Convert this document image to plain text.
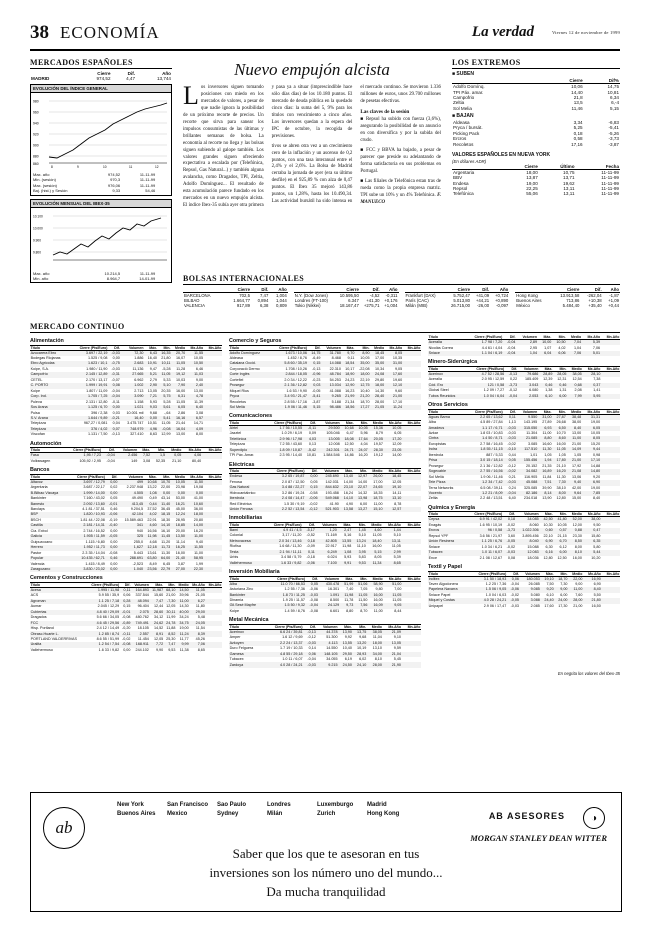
38 ECONOMÍA	La verdad	Viernes 12 de noviembre de 1999
MERCADOS ESPAÑOLES
	Cierre	Dif.	Año
MADRID	974,52	4,47	13,744
EVOLUCIÓN DEL ÍNDICE GENERAL
980
960
940
920
900
880
860
8	9	10	11	12
Max. año	974,52	11-11-99
Min. (sesión)	970,3	11-11-99
Max. (sesión)	976,06	11-11-99
Baj. (hist.) y Sesión	9,33	54,46
EVOLUCIÓN MENSUAL DEL IBEX-35
10.100
10.000
9.900
9.800
Max. año	10.214,5	11-11-99
Min. año	8.964,7	14-01-99
Nuevo empujón alcista

Los inversores siguen tomando posiciones con miedo en los mercados de valores, a pesar de que nadie ignora la posibilidad de un próximo recorte de precios. Un recorte que sirva para sanear los impulsos consumistas de las últimas y brillantes semanas de bolsa. La economía al recorte no llega y las bolsas siguen subiendo al galope también. Los valores grandes siguen ofreciendo expectativa a escalada por (Telefónica, Repsol, Gas Natural...) y también alguna avalancha, como Dragados, TPI, Zeltia, Adolfo Domínguez... El resultado de esta acumulación parece fundado en los mercados en un nuevo empujón alcista. El índice Ibex-35 subía ayer otra primera y pasa ya a situar (imprescindible hace sólo días días) de los 10.180 puntos. El mercado de deuda pública en la quedado cinco días: la suma del 5, 9% para los títulos con vencimiento a cinco años. Los inversores quedan a la espera del IPC de octubre, la recogida de previsiones.

tivos se abren otra vez a un crecimiento cero de la inflación y un ascenso de 0,2 puntos, con una tasa interanual entre el 2,4% y el 2,6%. La Bolsa de Madrid cerraba la jornada de ayer (era su último desfile) en el 925,89 % con alza de 0,47 puntos. El Ibex 35 mejoró 143,86 puntos, un 1,28%, hasta los 10.490,34. Las actividad bursátil ha sido intensa en el mercado continuo. Se movieron 1.336 millones de euros, unos 29.700 millones de pesetas efectivas.

Las claves de la sesión

■ Repsol ha subido con fuerza (3,6%), asegurando la posibilidad de un anuncio en con diversifica y por la subida del crudo.

■ FCC y BBVA ha bajado, a pesar de parecer que preside su adelantando de forma satisfactoria en sus problemas en Portugal.

■ Las filiales de Telefónica estan tras de rueda como la propia empresa matriz. TPI sube un 10% y un 4% Telefónica. F. MANUECO

LOS EXTREMOS
■ SUBEN
	Cierre	Dif%
Adolfo Domínq.	10,06	14,75
TPI Páx. amar.	14,40	10,81
Campofrio	21,8	6,34
Zeltia	13,5	6,-4
Sol Melia	11,46	5,15
■ BAJAN
Aldeasa	3,34	-6,83
Pryca / bursát.	5,25	-5,41
Picking Pack	0,18	-5,26
Ercros	0,58	-3,73
Recoletos	17,16	-3,87
VALORES ESPAÑOLES EN NUEVA YORK
(En dólares ADR)
	Cierre	Último	Fecha
Argentaria	18,00	10,75	11-11-99
BBV	13,87	13,71	11-11-99
Endesa	19,00	19,62	11-11-99
Repsol	22,25	13,11	11-11-99
Telefónica	55,06	13,11	11-11-99
BOLSAS INTERNACIONALES
	Cierre	Dif.	Año
BARCELONA	702,5	7,47	1,004
BILBAO	1.664,77	0,894	1,044
VALENCIA	917,89	6,38	0,809
	Cierre	Dif.	Año
N.Y. (Dow Jones)	10.595,50	-4,52	-0,311
Londres (FT-100)	6.347	+41,30	+0,176
Tokio (Nikkei)	18.167,47	+275,71	+1,004
	Cierre	Dif.	Año
Frankfurt (DAX)	5.752,47	+41,09	+0,724
París (CAC)	5.013,80	+44,21	+0,890
Milán (MIB)	26.715,00	-26,00	-0,097
	Cierre	Dif.	Año
Hong Kong	13.913,58	-262,04	-1,87
Buenos Aires	713,86	+10,38	+1,09
México	5.484,40	+35,40	+0,44
MERCADO CONTINUO
Alimentación
Titulo	Cierre (Pts/Euro)	Dif.	Volumen	Máx.	Mín.	Medio	Mx.Año	Mn.Año
Azucarera Ebro	3.697 / 22,19	-0,03	72,30	6,43	16,35	20,70	11,55	
Bodegas Riojanas	1.525 / 9,08	0,00	1.886	16,40	21,80	16,07	10,05	
Ebro Agrícolas	1.623 / 10,1	-0,75	2.683	10,91	10,11	11,05	10,50	
Koipe, S.A.	1.980 / 11,90	-0,03	11,136	9,47	-5,28	11,28	6,46	
Campofrío	2.145 / 12,89	-0,31	27.665	5,21	11,05	19,12	11,03	
CETEL	2.170 / 13,17	-0,07	6.962	2,79	5,33	10,03	9,00	
C. PORTO	1.999 / 19,91	0,08	1.002	2,90	5,10	7,90	2,40	
Koipe	1.807 / 11,09	-0,04	2.713	13,05	20,35	16,00	13,00	
Corp. Ind.	1.705 / 7,25	-0,04	3.090	7,21	5,75	6,31	4,78	
Puleva	2.131 / 12,80	-0,11	1.158	5,93	5,28	11,05	11,39	
Sos Arana	1.125 / 6,70	0,00	1.021	9,03	5,61	6,05	6,40	
Pulsa	396 / 2,38	0,03	10.001 mil	9,68	-,64	2,86	3,08	
S.V. Arana	1.644 / 9,89	-0,21	16,40	0,00	5,41	16,16	6,57	
Telepizza	967,27 / 0,081	0,04	3.475.747	10,51	11,05	21,44	14,71	
Telepizza	376 / 4,02	0,07	748.979	4,96	-0,08	16,04	4,09	
Víscofan	1.131 / 7,50	-0,13	327.410	8,63	12,99	13,00	8,00	
Automoción
Titulo	Cierre (Pts/Euro)	Dif.	Volumen	Máx.	Mín.	Medio	Mx.Año	Mn.Año
Fasa	1,95 / 7,23	-0,04	2.456	7,52	1,5	0,05	4,06	
Volkswagen	105,92 / 2,95	-0,04	149	3,08	52,35	21,10	80,40	
Bancos
Titulo	Cierre (Pts/Euro)	Dif.	Volumen	Máx.	Mín.	Medio	Mx.Año	Mn.Año
Altavoz	3.697 / 12,79	0,00	499	10,68	10,70	10,05	11,50	
Argentaria	3.687 / 22,17	0,02	2.237.948	13,22	22,00	23,98	19,08	
B.Bilbao Vizcaya	1.999 / 14,00	0,00	4.505	1,08	0,00	0,00	0,00	
Bankinter	7.160 / 43,02	0,05	49.490	0,49	43,14	53,00	41,00	
Banesto	2.092 / 13,60	-0,01	413,45	0,44	11,40	16,21	10,60	
Barclays	4.1 81 / 37,51	0,46	9.204,5	37,52	36,45	45,00	36,00	
BSP	1.820 / 10,93	-0,06	42.104	4,02	18,15	12,24	18,00	
BSCH	1.81 44 / 22,08	-0,19	15.589.463	22,91	18,30	28,95	20,80	
Castilla	2.181 / 14,31	-0,40	341	4,60	14,10	18,85	14,00	
Cía. Exbol	2.744 / 16,52	0,00	940	16,56	16,10	20,00	16,20	
Galicia	1.905 / 11,59	-0,05	325	11,98	11,45	13,50	11,00	
Guipuzcoano	1.115 / 6,80	0,00	255,0	4,68	11,20	11,14	9,40	
Herrero	1.952 / 11,73	0,00	1,627	12,18	11,73	16,25	11,55	
Pastor	2.3 35 / 14,04	-0,08	5.443	13,61	11,30	16,00	11,00	
Popular	10.435 / 62,71	0,46	288.691	63,80	64,00	21,40	58,95	
Valencia	1.415 / 8,49	0,00	-2,523	8,49	6,45	3,87	1,99	
Zaragozano	3.830 / 23,02	0,00	1.040	23,56	22,79	27,00	22,30	
Cementos y Construcciones
Titulo	Cierre (Pts/Euro)	Dif.	Volumen	Máx.	Mín.	Medio	Mx.Año	Mn.Año
Acesa	1.995 / 11,98	0,11	164.893	11,987	68,10	14,50	11,05	
ACS	5.9 55 / 35,9	0,06	337.544	15,60	21,00	39,96	21,05	
Agroman	1.1 25 / 7,18	0,28	48.094	7,47	-7,30	11,00	6,27	
Aumar	2.045 / 12,29	0,15	96.404	12,44	12,05	14,30	11,80	
Cubiertas	4.8 40 / 29,09	-0,01	2.075	28,60	30,11	40,00	29,00	
Dragados	5.6 66 / 34,05	-0,08	480.762	34,12	11,99	34,24	5,48	
FCC	4.6 45 / 29,56	-0,89	749.491	24,62	24,78	34,75	24,05	
Hisp. Portland	2.4 12 / 14,49	-0,20	18.105	14,52	11,88	19,00	11,54	
Obrasc.Huarte L.	1.2 85 / 8,74	-0,11	2.557	8,91	8,52	11,24	8,39	
PORTLAND VALDERRIVAS	8.6 55 / 51,99	-0,02	11.454	12,05	25,30	11,77	45,26	
Uralita	1.2 54 / 7,54	-0,08	168.911	7,72	7,47	9,99	7,06	
Vallehermoso	1.6 33 / 9,82	0,00	244.102	9,90	9,53	11,38	8,65	
Comercio y Seguros
Titulo	Cierre (Pts/Euro)	Dif.	Volumen	Máx.	Mín.	Medio	Mx.Año	Mn.Año
Adolfo Domínguez	1.673 / 10,06	14,75	31.780	9,70	8,90	18,45	8,05	
Aldeasa	1.452 / 8,76	-6,49	8.468	9,11	10,05	17,00	10,35	
Catalana Occid.	5.8 60 / 35,19	0,15	14.088	18,54	35,00	35,00	31,00	
Corporació Dermo	1.708 / 10,26	-0,13	22.310	10,17	-22,08	10,34	9,05	
Corte Inglés	2.844 / 18,05	-0,96	48.784	18,90	18,00	24,08	17,60	
Cortefiel	2.0 34 / 12,22	-0,23	54.253	24,23	22,19	29,80	19,60	
Prosegur	2.1 36 / 12,82	0,03	13.034	12,90	12,75	18,00	12,10	
Miquel Rius	1.6 53 / 9,90	-0,05	41.088	16,23	10,40	14,30	9,60	
Pryca	3.4 93 / 21,47	-5,41	9.265	21,99	21,20	28,40	21,00	
Recoletos	2.8 55 / 17,16	-3,87	5.188	21,34	18,70	28,00	17,10	
Sol Meliá	1.9 06 / 11,46	5,15	98.486	18,56	17,27	21,05	11,24	
Comunicaciones
Titulo	Cierre (Pts/Euro)	Dif.	Volumen	Máx.	Mín.	Medio	Mx.Año	Mn.Año
Airtel	1.7 56 / 10,55	-0,11	29.500	10,68	10,05	15,36	10,05	
Jazztel	1.0 29 / 6,19	0,09	105.046	6,47	5,96	8,79	6,05	
Telefónica	2.9 96 / 17,98	4,03	13.005	18,08	17,64	20,05	17,20	
Telepizza	7.2 55 / 43,60	0,13	12.008	12,50	4,04	19,57	12,09	
Superdiplo	1.8 09 / 10,87	-5,42	242.301	24,71	24,07	28,30	23,05	
TPI Páx. Amar.	2.3 95 / 14,40	10,81	1.584.546	14,86	16,20	19,12	14,00	
Eléctricas
Titulo	Cierre (Pts/Euro)	Dif.	Volumen	Máx.	Mín.	Medio	Mx.Año	Mn.Año
Endesa	3.2 65 / 19,87	0,00	245.690	13,40	12,97	26,00	18,45	
Fenosa	2.0 87 / 12,50	0,05	142.031	14,00	14,00	17,00	12,05	
Gas Natural	3.4 88 / 22,27	0,15	844.632	23,10	22,07	24,65	19,10	
Hidrocantábrico	3.2 86 / 19,24	-0,58	193.458	16,24	14,32	18,35	14,11	
Iberdrola	2.4 08 / 14,47	-0,06	549.068	14,10	13,98	18,75	13,10	
Red Eléctrica	1.5 30 / 9,19	-0,02	41.90	4,90	6,00	11,00	8,78	
Unión Fenosa	2.2 52 / 13,54	-0,12	521.903	13,58	13,27	15,10	12,57	
Inmobiliarias
Titulo	Cierre (Pts/Euro)	Dif.	Volumen	Máx.	Mín.	Medio	Mx.Año	Mn.Año
Bami	4.9 41 / 4,5	-5,17	1,20	2,47	1,45	4,60	1,44	
Colonial	3,17 / 11,20	-0,52	71.169	5,16	5,10	11,05	5,10	
Metrovacesa	2.0 34 / 13,46	0,18	42.805	13,55	13,24	18,40	13,11	
Riofisa	1.6 68 / 11,30	-0,09	22.917	11,98	11,10	16,00	11,05	
Testa	2.1 94 / 11,11	0,11	6,249	1,08	3,95	5,15	2,99	
Urbis	3.4 58 / 5,79	-0,18	6.024	5,93	5,83	8,05	5,39	
Vallehermoso	1.6 33 / 9,82	-0,06	7.100	9,91	9,53	11,34	8,65	
Inversión Mobiliaria
Titulo	Cierre (Pts/Euro)	Dif.	Volumen	Máx.	Mín.	Medio	Mx.Año	Mn.Año
Alba	11.0 70 / 66,53	0,05	430.478	51,99	51,06	58,90	51,00	
Asturiana Zinc	1.2 55 / 7,36	-0,06	16.301	7,40	7,05	9,80	7,00	
Bankinter	1.8 73 / 11,25	-0,03	1.091	11,98	11,05	16,00	11,05	
Dinamia	1.9 25 / 11,57	-0,08	8.500	11,78	11,50	16,00	11,05	
Gil.Sesé Mapfre	1.5 50 / 9,32	-0,04	24.129	9,73	7,56	16,09	9,05	
Koipe	1.4 59 / 8,76	-0,08	6.601	8,80	8,70	11,00	8,44	
Metal Mecánica
Titulo	Cierre (Pts/Euro)	Dif.	Volumen	Máx.	Mín.	Medio	Mx.Año	Mn.Año
Acerinox	6.6 24 / 39,81	-0,13	44.378	13,90	13,75	38,05	21,09	
Amper	1.6 12 / 9,69	-0,12	51.300	9,92	9,68	11,04	9,10	
Azkoyen	2.2 24 / 13,37	-0,03	4.113	13,55	13,20	18,00	13,05	
Duro Felguera	1.7 19 / 10,33	0,14	14.550	10,40	10,19	13,10	9,59	
Gamesa	4.8 55 / 29,18	0,06	148.105	29,50	28,93	34,00	21,04	
Tubacex	1.0 11 / 6,07	-0,04	34.055	6,19	6,02	8,10	5,45	
Zardoya	4.0 28 / 24,21	-0,03	9.215	24,50	24,10	28,00	21,90	
Titulo	Cierre (Pts/Euro)	Dif.	Volumen	Máx.	Mín.	Medio	Mx.Año	Mn.Año
Aceralia	1.7 98 / 7,20	-0,04	2,89	10,00	10,50	7,04	5,39	
Nicolás Correa	4.4 61 / 4,04	-0,04	2,95	1,07	4,02	1,04	7,06	
Sniace	1.1 04 / 6,19	-0,04	1,04	6,04	6,06	7,06	5,01	
Minero-Siderúrgica
Titulo	Cierre (Pts/Euro)	Dif.	Volumen	Máx.	Mín.	Medio	Mx.Año	Mn.Año
Acerinox	4.7 52 / 28,56	-0,13	79.686	28,89	28,05	38,05	28,10	
Aceralia	2.0 95 / 12,59	0,22	185.409	12,39	12,31	12,54	7,38	
Cód. Ero	121 / 0,58	-3,73	3.043	0,46	0,46	0,68	0,37	
Global Steel	1.2 09 / 7,27	-0,12	6.080	1,38	1,31	2,08	1,41	
Tubos Reunidos	1.0 04 / 6,04	-0,04	2.053	6,10	6,00	7,99	5,95	
Otros Servicios
Titulo	Cierre (Pts/Euro)	Dif.	Volumen	Máx.	Mín.	Medio	Mx.Año	Mn.Año
Aguas Barna	2.2 65 / 13,62	0,11	9.550	31,00	27,87	38,48	31,31	
Alba	4.5 89 / 27,84	1,13	143.195	27,89	26,68	38,00	19,00	
Amadeus	1.1 17 / 6,71	-0,03	315.050	6,93	6,50	8,40	6,05	
Azkar	1.8 03 / 10,83	-0,03	11.304	11,00	10,70	13,00	10,05	
Cintra	1.4 50 / 8,71	-0,03	21.085	8,80	8,60	11,00	8,05	
Europistas	2.7 58 / 16,45	-0,02	3.085	16,60	16,00	21,00	15,20	
Indra	1.8 55 / 11,15	-0,10	117.510	11,30	11,05	14,09	9,44	
Iberdrola	887 / 5,33	0,44	1,01	1,05	1,05	1,05	0,98	
Prisa	3.0 15 / 18,14	0,05	155.456	1,94	17,80	21,00	17,10	
Prosegur	2.1 36 / 12,82	-0,12	20.152	21,35	21,10	17,92	14,88	
Sogecable	2.7 55 / 16,56	-0,02	34.082	16,89	16,20	21,08	14,80	
Sol Meliá	1.9 06 / 11,46	0,21	116.905	11,84	11,30	13,06	9,20	
Tele Pizza	1.2 34 / 7,42	-0,03	45.088	7,51	7,30	9,40	6,90	
Terra Networks	6.5 08 / 39,11	0,24	325.085	39,90	38,10	42,00	19,00	
Vocento	1.2 21 / 8,09	-0,04	82.186	8,14	8,00	9,64	7,85	
Zeltia	2.2 48 / 13,51	6,40	234.018	13,90	12,80	15,00	8,40	
Química y Energía
Titulo	Cierre (Pts/Euro)	Dif.	Volumen	Máx.	Mín.	Medio	Mx.Año	Mn.Año
Cepsa	6.9 91 / 42,02	0,18	34.085	42,50	41,80	52,00	38,00	
Enagás	1.6 95 / 10,19	-0,02	8.060	10,30	10,05	12,00	9,50	
Ercros	96 / 0,58	-3,73	1.022.306	0,60	0,57	0,88	0,47	
Repsol YPF	3.6 56 / 21,97	3,60	3.895.456	22,10	21,15	23,30	15,80	
Unión Resinera	1.1 25 / 6,76	-0,05	8.040	6,90	6,70	8,50	6,35	
Sniace	1.0 34 / 6,21	-0,02	15.088	6,30	6,12	8,00	5,80	
Tubacex	1.0 11 / 6,07	-0,03	12.083	6,16	6,00	8,10	5,44	
Ence	2.1 08 / 12,67	0,08	18.036	12,80	12,50	16,00	10,20	
Textil y Papel
Titulo	Cierre (Pts/Euro)	Dif.	Volumen	Máx.	Mín.	Medio	Mx.Año	Mn.Año
Inditex	3.1 50 / 18,93	0,06	180.053	19,10	18,70	22,00	16,90	
Tavex Algodonera	1.2 25 / 7,36	-0,04	26.085	7,50	7,30	9,00	6,90	
Papelera Navarra	1.5 06 / 9,05	-0,06	9.085	9,20	9,00	11,00	8,40	
Sniace Papel	1.0 04 / 6,03	-0,02	5.080	6,10	6,00	7,60	5,50	
Miquel y Costas	4.0 28 / 24,21	-0,05	3.088	24,40	24,00	28,00	21,80	
Unipapel	2.9 06 / 17,47	-0,03	2.085	17,60	17,30	21,00	16,50	
En negrita los valores del Ibex-35
ab
New York	San Francisco	Sao Paulo	Londres	Luxemburgo	Madrid
Buenos Aires	Mexico	Sydney	Milán	Zurich	Hong Kong	AB ASESORES	◑
MORGAN STANLEY DEAN WITTER
Saber que los que te asesoran en tus
inversiones son los número uno del mundo...
Da mucha tranquilidad
